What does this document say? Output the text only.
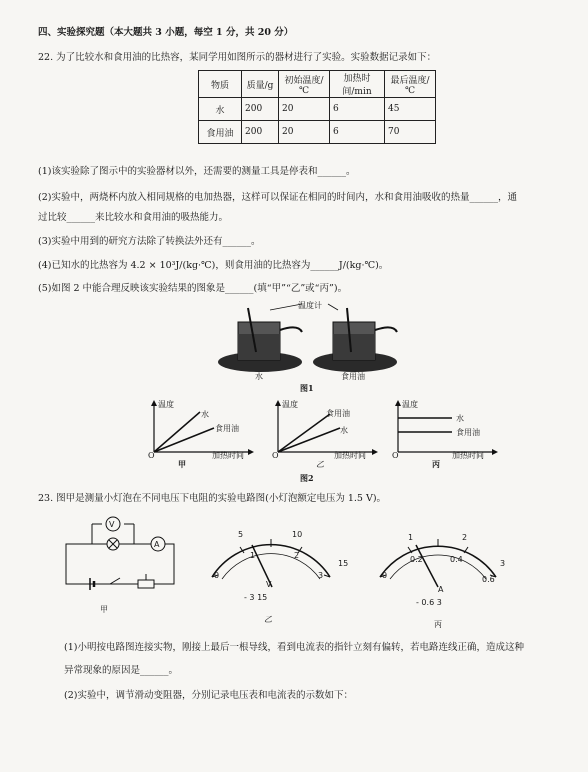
四、实验探究题（本大题共 3 小题，每空 1 分，共 20 分）
22. 为了比较水和食用油的比热容，某同学用如图所示的器材进行了实验。实验数据记录如下：
物质	质量/g	初始温度/℃	加热时间/min	最后温度/℃
水	200	20	6	45
食用油	200	20	6	70
(1)该实验除了图示中的实验器材以外，还需要的测量工具是停表和______。
(2)实验中，两烧杯内放入相同规格的电加热器，这样可以保证在相同的时间内，水和食用油吸收的热量______，通
过比较______来比较水和食用油的吸热能力。
(3)实验中用到的研究方法除了转换法外还有______。
(4)已知水的比热容为 4.2 × 10³J/(kg·℃)，则食用油的比热容为______J/(kg·℃)。
(5)如图 2 中能合理反映该实验结果的图象是______(填“甲”“乙”或“丙”)。
温度计
水	食用油
图1
温度
水
食用油
O	加热时间
甲
温度
食用油
水
O	加热时间
乙
温度
水
食用油
O	加热时间
丙
图2
23. 图甲是测量小灯泡在不同电压下电阻的实验电路图(小灯泡额定电压为 1.5 V)。
V
A
甲
5	10
0
1	2
3
15
V
- 3 15
乙
1	2
0
0.2	0.4	3
0.6
A
- 0.6 3
丙
(1)小明按电路图连接实物，刚接上最后一根导线，看到电流表的指针立刻有偏转，若电路连线正确，造成这种
异常现象的原因是______。
(2)实验中，调节滑动变阻器，分别记录电压表和电流表的示数如下：
